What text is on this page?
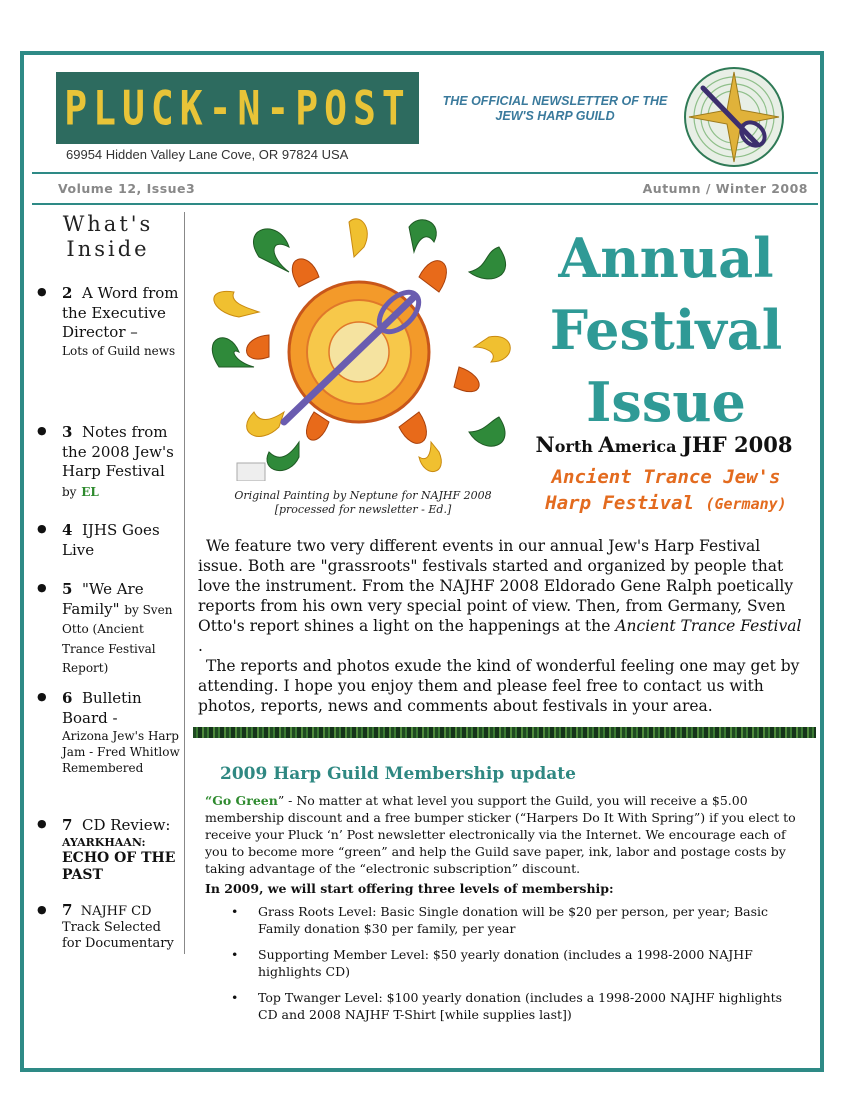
PLUCK-N-POST
69954 Hidden Valley Lane Cove, OR 97824 USA
THE OFFICIAL NEWSLETTER OF THE JEW'S HARP GUILD
Volume 12, Issue3	Autumn / Winter 2008
What's Inside
● 2 A Word from the Executive Director –
Lots of Guild news
● 3 Notes from the 2008 Jew's Harp Festival by EL
● 4 IJHS Goes Live
● 5 "We Are Family" by Sven Otto (Ancient Trance Festival Report)
● 6 Bulletin Board -
Arizona Jew's Harp Jam - Fred Whitlow Remembered
● 7 CD Review:
AYARKHAAN:
ECHO OF THE PAST
● 7 NAJHF CD Track Selected for Documentary
Original Painting by Neptune for NAJHF 2008
[processed for newsletter - Ed.]
Annual
Festival
Issue
North America JHF 2008
Ancient Trance Jew's Harp Festival (Germany)

We feature two very different events in our annual Jew's Harp Festival issue. Both are "grassroots" festivals started and organized by people that love the instrument. From the NAJHF 2008 Eldorado Gene Ralph poetically reports from his own very special point of view. Then, from Germany, Sven Otto's report shines a light on the happenings at the Ancient Trance Festival .

The reports and photos exude the kind of wonderful feeling one may get by attending. I hope you enjoy them and please feel free to contact us with photos, reports, news and comments about festivals in your area.

2009 Harp Guild Membership update

“Go Green” - No matter at what level you support the Guild, you will receive a $5.00 membership discount and a free bumper sticker (“Harpers Do It With Spring”) if you elect to receive your Pluck ‘n’ Post newsletter electronically via the Internet. We encourage each of you to become more “green” and help the Guild save paper, ink, labor and postage costs by taking advantage of the “electronic subscription” discount.

In 2009, we will start offering three levels of membership:

• Grass Roots Level: Basic Single donation will be $20 per person, per year; Basic Family donation $30 per family, per year
• Supporting Member Level: $50 yearly donation (includes a 1998-2000 NAJHF highlights CD)
• Top Twanger Level: $100 yearly donation (includes a 1998-2000 NAJHF highlights CD and 2008 NAJHF T-Shirt [while supplies last])
